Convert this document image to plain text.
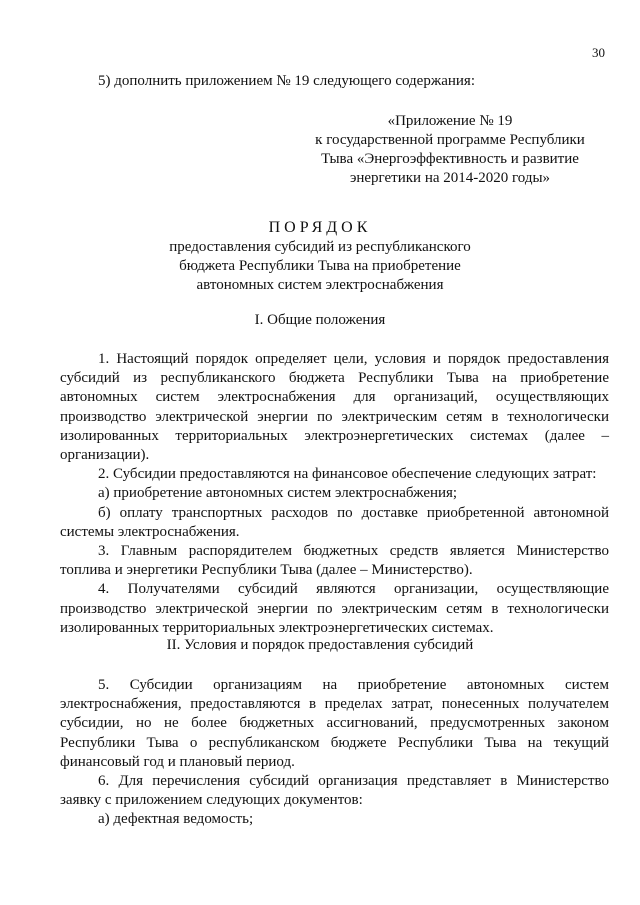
30
5) дополнить приложением № 19 следующего содержания:
«Приложение № 19
к государственной программе Республики
Тыва «Энергоэффективность и развитие
энергетики на 2014-2020 годы»
ПОРЯДОК
предоставления субсидий из республиканского
бюджета Республики Тыва на приобретение
автономных систем электроснабжения
I. Общие положения

1. Настоящий порядок определяет цели, условия и порядок предоставления субсидий из республиканского бюджета Республики Тыва на приобретение автономных систем электроснабжения для организаций, осуществляющих производство электрической энергии по электрическим сетям в технологически изолированных территориальных электроэнергетических системах (далее – организации).

2. Субсидии предоставляются на финансовое обеспечение следующих затрат:

а) приобретение автономных систем электроснабжения;

б) оплату транспортных расходов по доставке приобретенной автономной системы электроснабжения.

3. Главным распорядителем бюджетных средств является Министерство топлива и энергетики Республики Тыва (далее – Министерство).

4. Получателями субсидий являются организации, осуществляющие производство электрической энергии по электрическим сетям в технологически изолированных территориальных электроэнергетических системах.

II. Условия и порядок предоставления субсидий

5. Субсидии организациям на приобретение автономных систем электроснабжения, предоставляются в пределах затрат, понесенных получателем субсидии, но не более бюджетных ассигнований, предусмотренных законом Республики Тыва о республиканском бюджете Республики Тыва на текущий финансовый год и плановый период.

6. Для перечисления субсидий организация представляет в Министерство заявку с приложением следующих документов:

а) дефектная ведомость;
